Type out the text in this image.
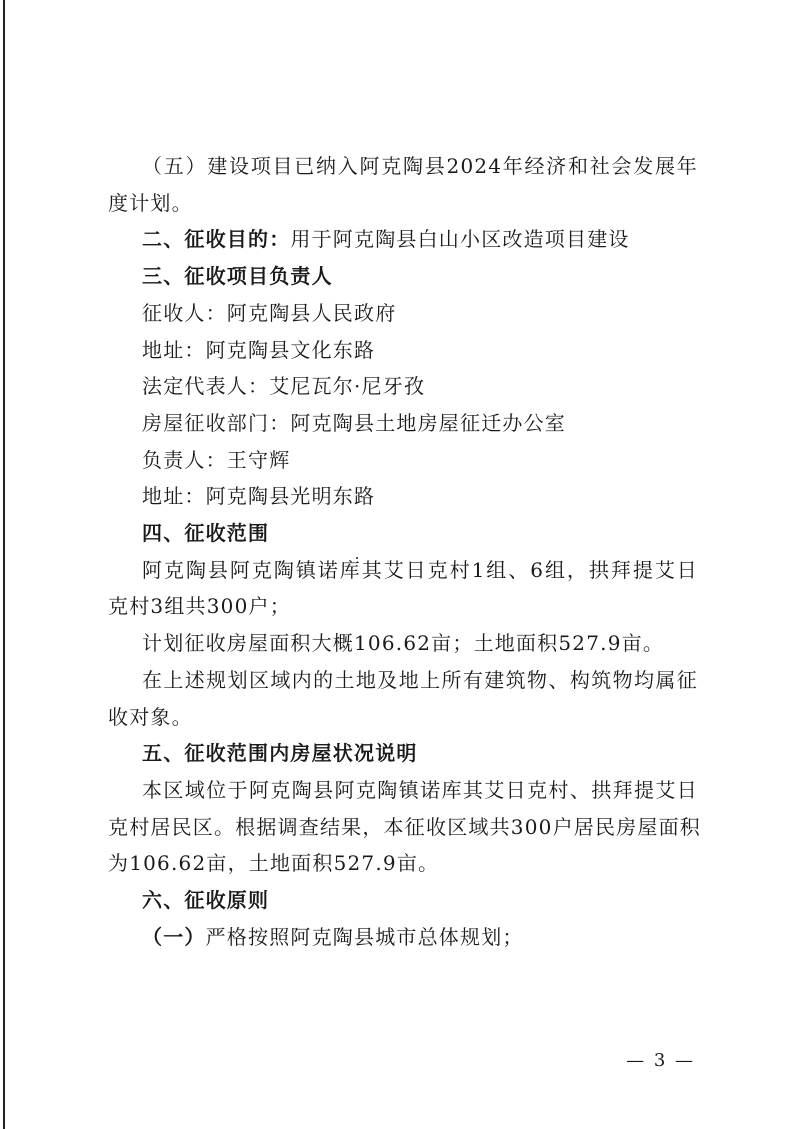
（五）建设项目已纳入阿克陶县2024年经济和社会发展年
度计划。
二、征收目的：用于阿克陶县白山小区改造项目建设
三、征收项目负责人
征收人：阿克陶县人民政府
地址：阿克陶县文化东路
法定代表人：艾尼瓦尔·尼牙孜
房屋征收部门：阿克陶县土地房屋征迁办公室
负责人：王守辉
地址：阿克陶县光明东路
四、征收范围
阿克陶县阿克陶镇诺库其艾日克村1组、6组，拱拜提艾日
克村3组共300户；
计划征收房屋面积大概106.62亩；土地面积527.9亩。
在上述规划区域内的土地及地上所有建筑物、构筑物均属征
收对象。
五、征收范围内房屋状况说明
本区域位于阿克陶县阿克陶镇诺库其艾日克村、拱拜提艾日
克村居民区。根据调查结果，本征收区域共300户居民房屋面积
为106.62亩，土地面积527.9亩。
六、征收原则
（一）严格按照阿克陶县城市总体规划；
— 3 —
